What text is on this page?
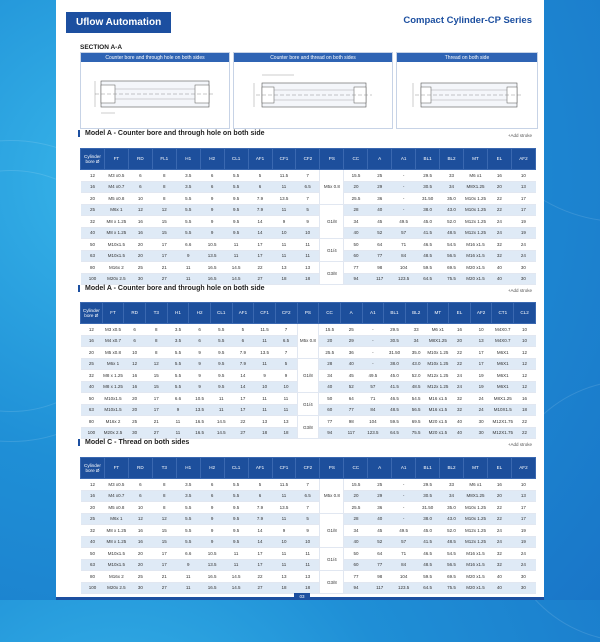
Uflow Automation	Compact Cylinder-CP Series
SECTION A-A
Counter bore and through hole on both sides	Counter bore and thread on both sides	Thread on both side
Model A - Counter bore and through hole on both side	+Add stroke
Cylinder bore Ø	FT	RD	FL1	H1	H2	CL1	AF1	CF1	CF2	PS	CC	A	A1	BL1	BL2	MT	EL	AF2
12	M3 x0.5	6	8	3.5	6	5.5	5	11.5	7	M5x 0.8	15.5	25	-	29.5	33	M6 x1	16	10
16	M4 x0.7	6	8	3.5	6	5.5	6	11	6.5		20	29	-	30.5	34	M8X1.25	20	13
20	M5 x0.8	10	8	5.5	9	9.5	7.9	13.5	7		25.5	36	-	31.50	35.0	M10x 1.25	22	17
25	M6x 1	12	12	5.5	9	9.5	7.9	11	5	G1/8	28	40	-	38.0	43.0	M10x 1.25	22	17
32	M8 x 1.25	16	15	5.5	9	9.5	14	9	9		34	45	49.5	45.0	52.0	M12x 1.25	24	19
40	M8 x 1.25	16	15	5.5	9	9.5	14	10	10		40	52	57	41.5	48.5	M12x 1.25	24	19
50	M10x1.5	20	17	6.6	10.5	11	17	11	11	G1/4	50	64	71	46.5	54.5	M16 x1.5	32	24
63	M10x1.5	20	17	9	13.5	11	17	11	11		60	77	84	48.5	56.5	M16 x1.5	32	24
80	M16x 2	25	21	11	16.5	14.5	22	13	13	G3/8	77	98	104	59.5	69.5	M20 x1.5	40	30
100	M20x 2.5	30	27	11	16.5	14.5	27	18	18		94	117	123.5	64.5	75.5	M20 x1.5	40	30
Model A - Counter bore and through hole on both side	+Add stroke
Cylinder bore Ø	FT	RD	T3	H1	H2	CL1	AF1	CF1	CF2	PS	CC	A	A1	BL1	BL2	MT	EL	AF2	CT1	CL2
12	M3 x0.5	6	8	3.5	6	5.5	5	11.5	7	M5x 0.8	15.5	25	-	29.5	33	M6 x1	16	10	M4X0.7	10
16	M4 x0.7	6	8	3.5	6	5.5	6	11	6.5		20	29	-	30.5	34	M8X1.25	20	13	M4X0.7	10
20	M5 x0.8	10	8	5.5	9	9.5	7.9	13.5	7		25.5	36	-	31.50	35.0	M10x 1.25	22	17	M6X1	12
25	M6x 1	12	12	5.5	9	9.5	7.9	11	5	G1/8	28	40	-	38.0	43.0	M10x 1.25	22	17	M6X1	12
32	M8 x 1.25	16	15	5.5	9	9.5	14	9	9		34	45	49.5	45.0	52.0	M12x 1.25	24	19	M6X1	12
40	M8 x 1.25	16	15	5.5	9	9.5	14	10	10		40	52	57	41.5	48.5	M12x 1.25	24	19	M6X1	12
50	M10x1.5	20	17	6.6	10.5	11	17	11	11	G1/4	50	64	71	46.5	54.5	M16 x1.5	32	24	M8X1.25	16
63	M10x1.5	20	17	9	13.5	11	17	11	11		60	77	84	48.5	56.5	M16 x1.5	32	24	M10X1.5	18
80	M16x 2	25	21	11	16.5	14.5	22	13	13	G3/8	77	98	104	59.5	69.5	M20 x1.5	40	30	M12X1.75	22
100	M20x 2.5	30	27	11	16.5	14.5	27	18	18		94	117	123.5	64.5	75.5	M20 x1.5	40	30	M12X1.75	22
Model C - Thread on both sides	+Add stroke
Cylinder bore Ø	FT	RD	T3	H1	H2	CL1	AF1	CF1	CF2	PS	CC	A	A1	BL1	BL2	MT	EL	AF2
12	M3 x0.5	6	8	3.5	6	5.5	5	11.5	7	M5x 0.8	15.5	25	-	29.5	33	M6 x1	16	10
16	M4 x0.7	6	8	3.5	6	5.5	6	11	6.5		20	29	-	30.5	34	M8X1.25	20	13
20	M5 x0.8	10	8	5.5	9	9.5	7.9	13.5	7		25.5	36	-	31.50	35.0	M10x 1.25	22	17
25	M6x 1	12	12	5.5	9	9.5	7.9	11	5	G1/8	28	40	-	38.0	43.0	M10x 1.25	22	17
32	M8 x 1.25	16	15	5.5	9	9.5	14	9	9		34	45	49.5	45.0	52.0	M12x 1.25	24	19
40	M8 x 1.25	16	15	5.5	9	9.5	14	10	10		40	52	57	41.5	48.5	M12x 1.25	24	19
50	M10x1.5	20	17	6.6	10.5	11	17	11	11	G1/4	50	64	71	46.5	54.5	M16 x1.5	32	24
63	M10x1.5	20	17	9	13.5	11	17	11	11		60	77	84	48.5	56.5	M16 x1.5	32	24
80	M16x 2	25	21	11	16.5	14.5	22	13	13	G3/8	77	98	104	59.5	69.5	M20 x1.5	40	30
100	M20x 2.5	30	27	11	16.5	14.5	27	18	18		94	117	123.5	64.5	75.5	M20 x1.5	40	30
03
